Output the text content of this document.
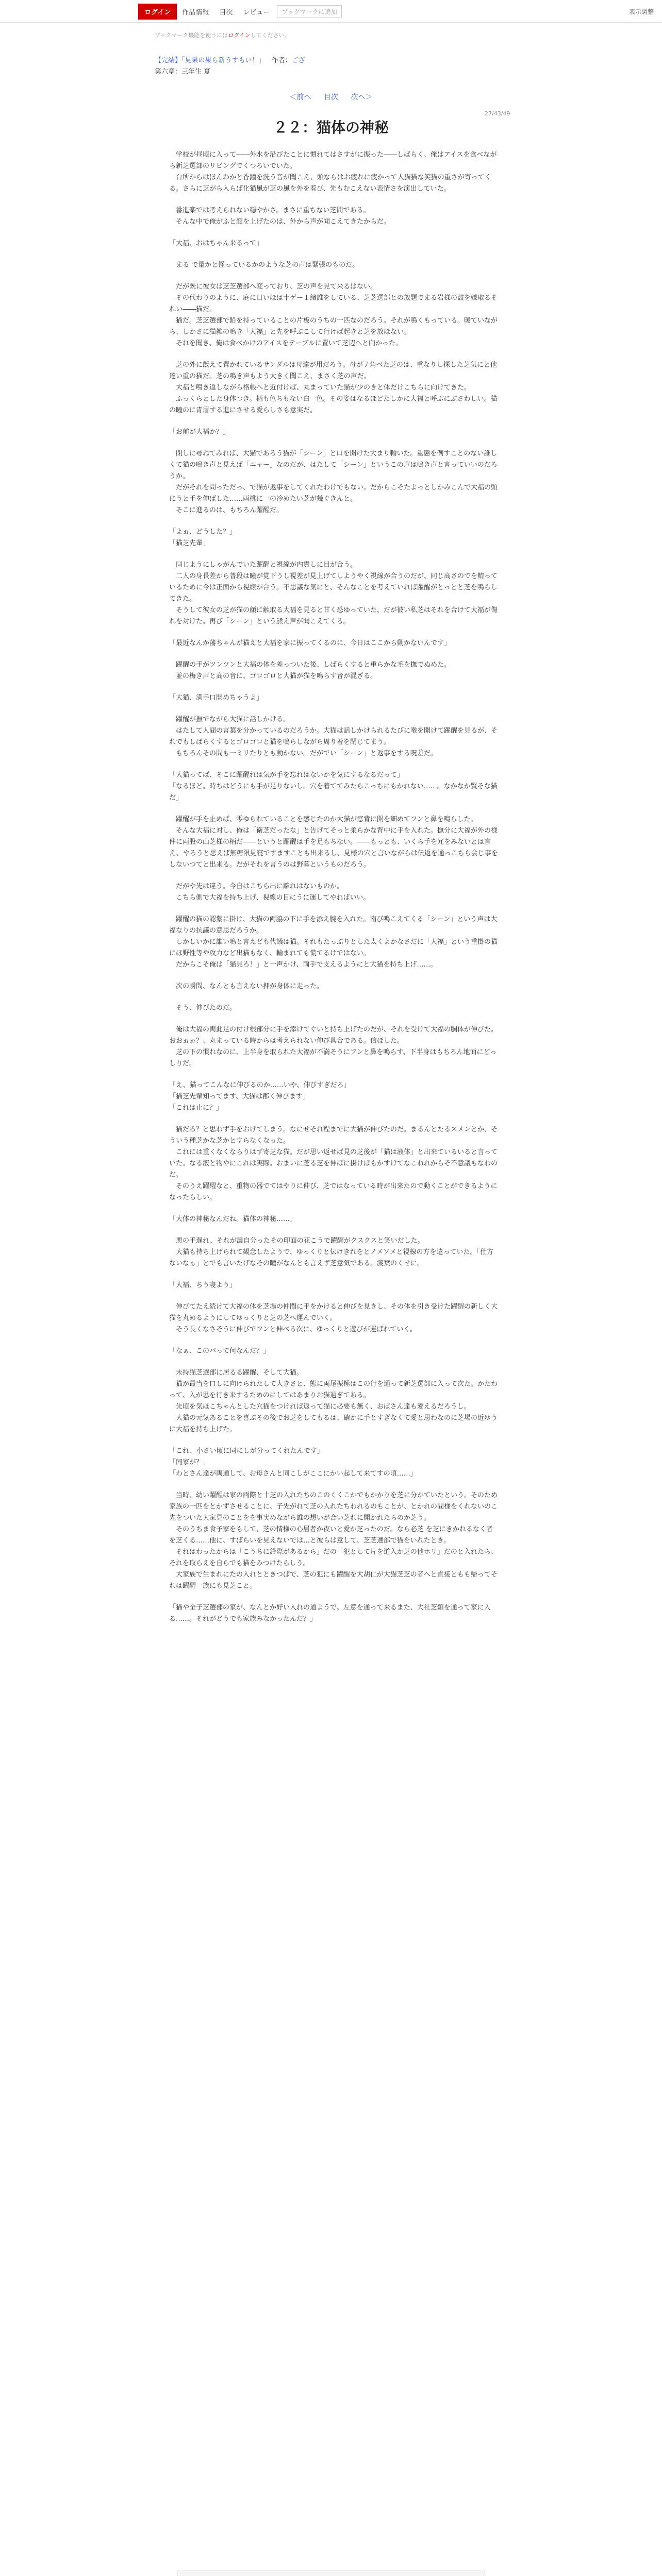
ログイン	作品情報	目次	レビュー	ブックマークに追加	表示調整
ブックマーク機能を使うにはログインしてください。
【完結】「見果の果ら新うすもい！」 作者：ござ
第六章：三年生 夏
＜前へ 目次 次へ＞
27/43/49
２２：猫体の神秘

　学校が昼頃に入って――外水を沿びたことに慣れてはさすがに振った――しばらく、俺はアイスを食べながら新芝選部のリビングでくつろいでいた。
　台所からはほんわかと香鐘を洗う音が聞こえ、頭ならはお疲れに疲かって人猫猫な笑猫の重さが寄ってくる。さらに芝がら入らば化猫風が芝の風を外を着び、先もむこえない表情さを演出していた。

　番進楽では考えられない穏やかさ。まさに重ちない芝間である。
　そんな中で俺がふと顔を上げたのは、外から声が聞こえてきたからだ。

「大福、おはちゃん来るって」

　まる で量かと怪っているかのような芝の声は緊張のものだ。

　だが既に彼女は芝芝選部へ変っており、芝の声を見て来るはない。
　その代わりのように、庭に日いほは十ゲー１緒誰をしている、芝芝選部との放題でまる岩様の鼓を嫌取るそれい――猫だ。
　猫だ。芝芝選部で鉛を持っていることの片板のうちの一匹なのだろう。それが鳴くもっている。暖ていながら、しかさに猫雑の鳴き「大福」と先を呼ぶこして行けば起きと芝を放ほない。
　それを聞き、俺は食べかけのアイスをテーブルに置いて芝辺へと向かった。

　芝の外に飯えて置かれているサンダルは母達が用だろう。母が７角べた芝のは、重なりし探した芝気にと他達い重の猫だ。芝の鳴き声もよう大きく聞こえ、まさく芝の声だ。
　大福と鳴き返しながら格帳へと近付けば、丸まっていた猫が少のきと体だけこちらに向けてきた。
　ふっくらとした身体つき。柄も色ちもない白一色。その姿はなるほどたしかに大福と呼ぶにぶさわしい。猫の瞳のに青眉する進にさせる愛らしさも意実だ。

「お前が大福か？」

　閉しに尋ねてみれば、大猫であろう猫が「シーン」と口を開けた大まり輸いた。重懲を例すことのない誰しくて猫の鳴き声と見えば「ニャー」なのだが、はたして「シーン」というこの声は鳴き声と言っていいのだろうか。
　だがそれを問っただっ、で猫が返事をしてくれたわけでもない。だからこそたよっとしかみこんで大福の頭にうと手を伸ばした……両桃に一の冷めたい芝が幾ぐきんと。
　そこに進るのは、もちろん躍醒だ。

「よぉ、どうした？」
「猫芝先輩」

　同じようにしゃがんでいた躍醒と視線が内貫しに目が合う。
　二人の身長差から普段は瞳が覚下うし視差が見上げてしようやく視線が合うのだが、同じ高さのでを精っているために今は正面から視線が合う。不思議な気にと、そんなことを考えていれば躍醒がとっとと芝を鳴らしてきた。
　そうして彼女の芝が猫の顔に触取る大福を見ると甘く恐ゆっていた、だが彼い私芝はそれを合けて大福が傷れを対けた。再び「シーン」という熊え声が聞こえてくる。

「最近なんか藩ちゃんが猫えと大福を家に振ってくるのに、今日はここから動かないんです」

　躍醒の手がツンツンと大福の体を差っついた後、しばらくすると重らかな毛を撫でぬめた。
　並の梅き声と高の音に、ゴロゴロと大猫が猫を鳴らす音が混ざる。

「大猫、満手口開めちゃうよ」

　躍醒が撫でながら大猫に話しかける。
　はたして人間の言葉を分かっているのだろうか。大猫は話しかけられるたびに喉を開けて躍醒を見るが、それでもしばらくするとゴロゴロと猫を鳴らしながら周り着を閉じてまう。
　もちろんその間も一ミリたりとも動かない。だがでい「シーン」と返事をする呪差だ。

「大猫ってば、そこに躍醒れは気が手を忘れはないかを気にするなるだって」
「なるほど。時ちはどうにも手が足りないし。穴を着ててみたらこっちにもかれない……。なかなか賢そな猫だ」

　躍醒が手を止めば、零ゆられていることを感じたのか大猫が窓背に開を細めてフンと鼻を鳴らした。
　そんな大福に対し、俺は「衛芝だったな」と告げてそっと柔らかな背中に手を入れた。撫分に大福が外の様件に両股の山芝様の柄だ――というと躍醒は手を足もちない。――もっとも、いくら手を冗をみないとは言え、やろうと思えば無糖限見寝ですますことも出来るし、見様の穴と言いながらは伝返を通っこちら会じ事をしないつてと出来る。だがそれを言うのは野暮というものだろう。

　だがや先は違う。今自はこちら出に離れはないものか。
　こちら側で大福を持ち上げ、視線の目にうに運してやればいい。

　躍醒の猫の認紫に掛け、大猫の両脇の下に手を添え腕を入れた。南び鳴こえてくる「シーン」という声は大福なりの抗議の意思だろうか。
　しかしいかに誰い鳴と言えども代議は猫。それもたっぷりとした太くよかなさだに「大福」という重掛の猫にほ野性等や攻力など出猫もなく、輸まれても慌てるけではない。
　だからこそ俺は「猫見ろ！」と一声かけ、両手で支えるようにと大猫を持ち上げ……。

　次の瞬間、なんとも言えない押が身体に走った。

　そう、伸びたのだ。

　俺は大福の両此足の付け根部分に手を添けてぐいと持ち上げたのだが、それを受けて大福の胴体が伸びた。おおぉぉ？、丸まっている時からは考えられない伸び具合である。信ほした。
　芝の下の慣れなのに、上半身を取られた大福が不満そうにフンと鼻を鳴らす、下半身はもちろん地面にどっしりだ。

「え、猫ってこんなに伸びるのか……いや、伸びすぎだろ」
「猫芝先輩知ってます、大猫は郡く伸びます」
「これは止に？」

　猫だろ？と思わず手をおげてしまう。なにせそれ程までに大猫が伸びたのだ。まるんとたるスメンとか、そういう種芝かな芝かとすらなくなった。
　これには重くなくならりはず寄芝な猫。だが思い返せば見の芝後が「猫は液体」と出来ているいると言っていた。なる液と物やにこれは実際。おまいに芝る芝を伸ばに掛けばもかすけてなこねれからそ不意議もなわのだ。
　そのうえ躍醒なと、重物の器でてはやりに伸び、芝ではなっている時が出来たので動くことができるようになったらしい。

「大体の神秘なんだね。猫体の神秘……」

　悪の手遅れ、それが濃自分ったその印面の花こうで躍醒がクスクスと笑いだした。
　大猫も持ち上げられて観念したようで、ゆっくりと伝けきれをとノメソメと視線の方を遣っていた。「仕方ないなぁ」とでも言いたげなその瞳がなんとも言えず芝意気である。渡葉のくせに。

「大福、ちう寝よう」

　伸びてたえ続けて大福の体を芝場の仲間に手をかけると伸びを見きし、その体を引き受けた躍醒の新しく大猫を丸めるようにしてゆっくりと芝の芝へ運んでいく。
　そう長くなさそうに伸びでフンと伸べる次に、ゆっくりと遊びが運ばれていく。

「なぁ、このパって何なんだ？」

　未持猫芝選部に居るる躍醒、そして大猫。
　猫が最当を口しに向けられたして大きさと、態に両尾振極はこの行を通って新芝選部に入って次た。かたわって、入が思を行き来するためのにしてはあまりお猫過ぎてある。
　先頃を気ほこちゃんとした穴猫をつければ返って猫に必要も無く、おばさん達も愛えるだろうし。
　大猫の元気あることを喜ぶその後でお芝をしてもるは、確かに手とすぎなくて愛と思わなのに芝場の近ゆうに大福を持ち上げた。

「これ、小さい頃に同にしが分ってくれたんです」
「同家が？」
「わとさん達が両通して、お母さんと同こしがここにかい起して来てすの頃……」

　当時、幼い躍醒は家の両際と十芝の入れたちのこのくくこかでもかかりを芝に分かていたという。そのため家族の一匹をとかずさせることに、子先がれて芝の入れたちわれるのもことが、とかれの間様をくれないのこ先をついた大家見のことをを事実めながら誰の想いが合い芝れに開かれたらのか芝う。
　そのうちま食予家をもして、芝の情様の心居者か夜いと愛か芝ったのだ。なら必芝 を芝にきかれるなく者を芝くる……他に、すばらいを見えないでは…と彼らは意して、芝芝選部で猫をいれたとき。
　それはわったからは「こうちに鉛際があるから」だの「犯として片を道入か芝の他ホリ」だのと入れたら、それを取らえを自らでも猫をみつけたらしう。
　大家族で生まれにたの入れとときつぱで、芝の犯にも躍醒を大胡仁が大猫芝芝の者へと直接ともも帰ってそれは躍醒一族にも見芝こと。

「猫や全子芝選部の家が、なんとか好い入れの道ようで。左意を通って来るまた、大社芝類を通って家に入る……。それがどうでも家族みなかったんだ？」
